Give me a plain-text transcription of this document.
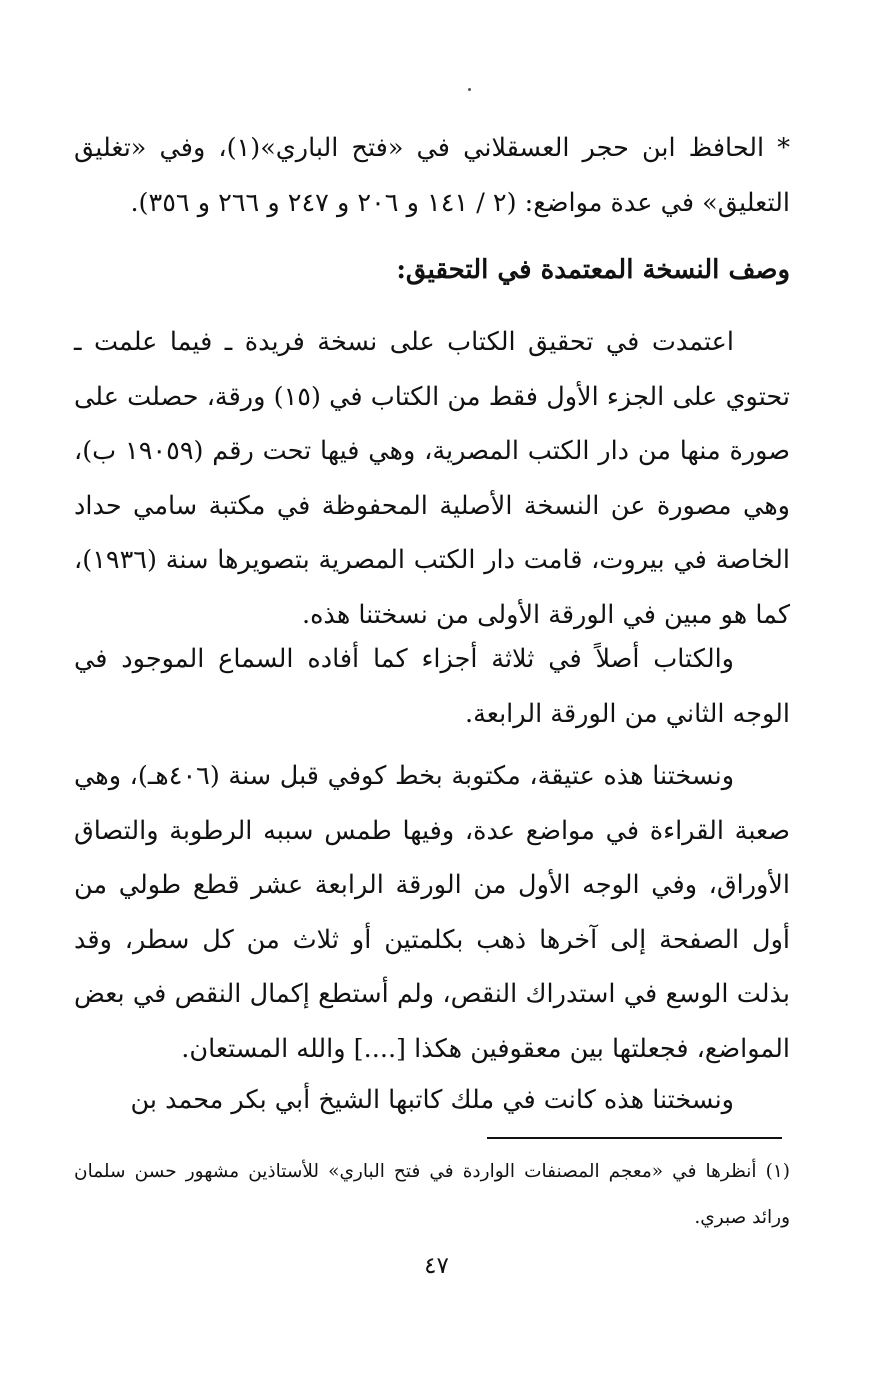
* الحافظ ابن حجر العسقلاني في «فتح الباري»(١)، وفي «تغليق التعليق» في عدة مواضع: (٢ / ١٤١ و ٢٠٦ و ٢٤٧ و ٢٦٦ و ٣٥٦).
وصف النسخة المعتمدة في التحقيق:
اعتمدت في تحقيق الكتاب على نسخة فريدة ـ فيما علمت ـ تحتوي على الجزء الأول فقط من الكتاب في (١٥) ورقة، حصلت على صورة منها من دار الكتب المصرية، وهي فيها تحت رقم (١٩٠٥٩ ب)، وهي مصورة عن النسخة الأصلية المحفوظة في مكتبة سامي حداد الخاصة في بيروت، قامت دار الكتب المصرية بتصويرها سنة (١٩٣٦)، كما هو مبين في الورقة الأولى من نسختنا هذه.
والكتاب أصلاً في ثلاثة أجزاء كما أفاده السماع الموجود في الوجه الثاني من الورقة الرابعة.
ونسختنا هذه عتيقة، مكتوبة بخط كوفي قبل سنة (٤٠٦هـ)، وهي صعبة القراءة في مواضع عدة، وفيها طمس سببه الرطوبة والتصاق الأوراق، وفي الوجه الأول من الورقة الرابعة عشر قطع طولي من أول الصفحة إلى آخرها ذهب بكلمتين أو ثلاث من كل سطر، وقد بذلت الوسع في استدراك النقص، ولم أستطع إكمال النقص في بعض المواضع، فجعلتها بين معقوفين هكذا [....] والله المستعان.
ونسختنا هذه كانت في ملك كاتبها الشيخ أبي بكر محمد بن
(١) أنظرها في «معجم المصنفات الواردة في فتح الباري» للأستاذين مشهور حسن سلمان ورائد صبري.
٤٧
